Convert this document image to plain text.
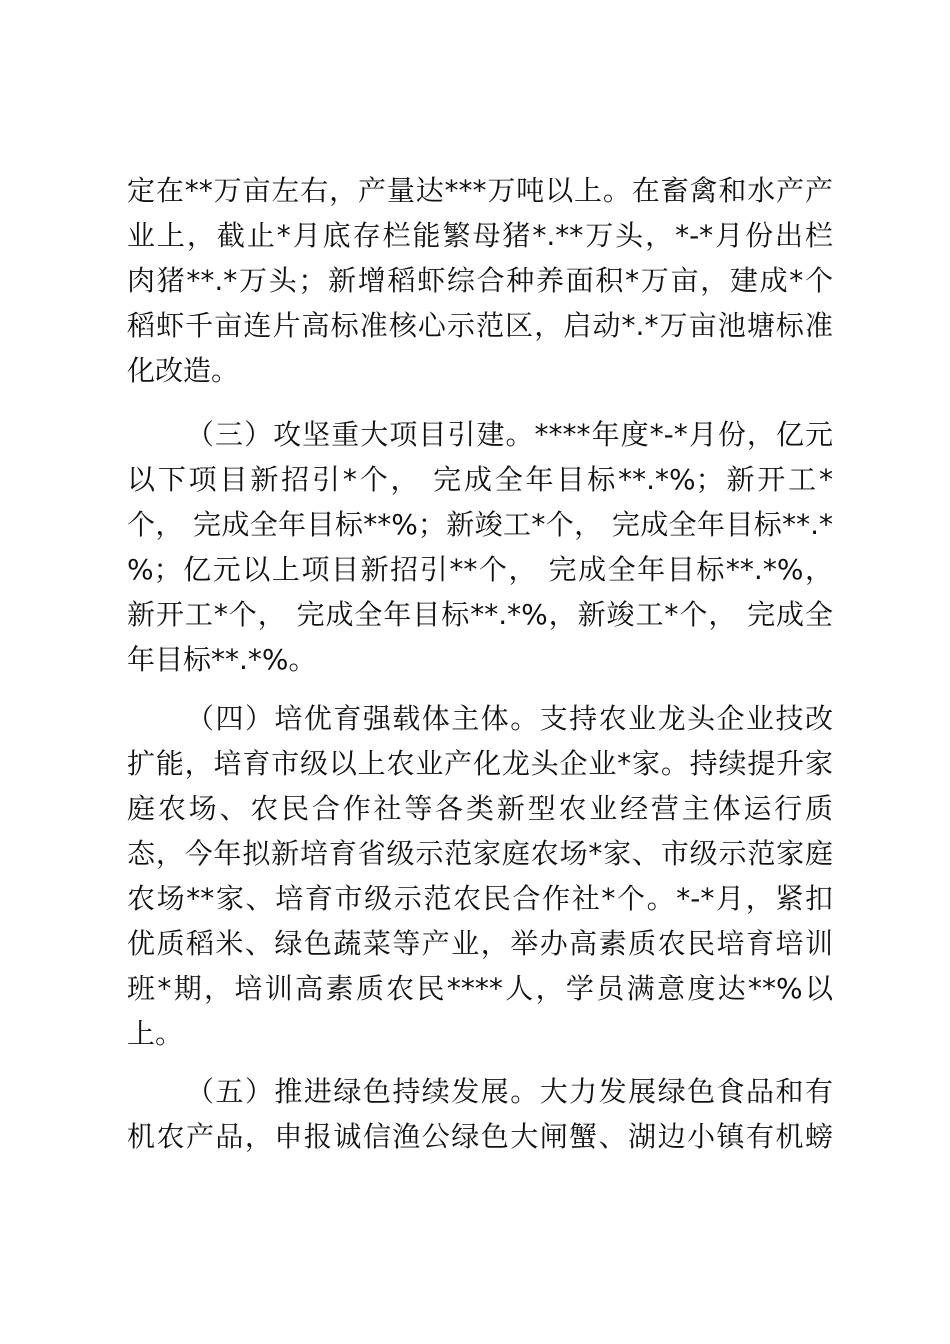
定在**万亩左右，产量达***万吨以上。在畜禽和水产产
业上，截止*月底存栏能繁母猪*.**万头，*-*月份出栏
肉猪**.*万头；新增稻虾综合种养面积*万亩，建成*个
稻虾千亩连片高标准核心示范区，启动*.*万亩池塘标准
化改造。
（三）攻坚重大项目引建。****年度*-*月份，亿元
以下项目新招引*个， 完成全年目标**.*%；新开工*
个， 完成全年目标**%；新竣工*个， 完成全年目标**.*
%；亿元以上项目新招引**个， 完成全年目标**.*%，
新开工*个， 完成全年目标**.*%，新竣工*个， 完成全
年目标**.*%。
（四）培优育强载体主体。支持农业龙头企业技改
扩能，培育市级以上农业产化龙头企业*家。持续提升家
庭农场、农民合作社等各类新型农业经营主体运行质
态，今年拟新培育省级示范家庭农场*家、市级示范家庭
农场**家、培育市级示范农民合作社*个。*-*月，紧扣
优质稻米、绿色蔬菜等产业，举办高素质农民培育培训
班*期，培训高素质农民****人，学员满意度达**%以
上。
（五）推进绿色持续发展。大力发展绿色食品和有
机农产品，申报诚信渔公绿色大闸蟹、湖边小镇有机螃
